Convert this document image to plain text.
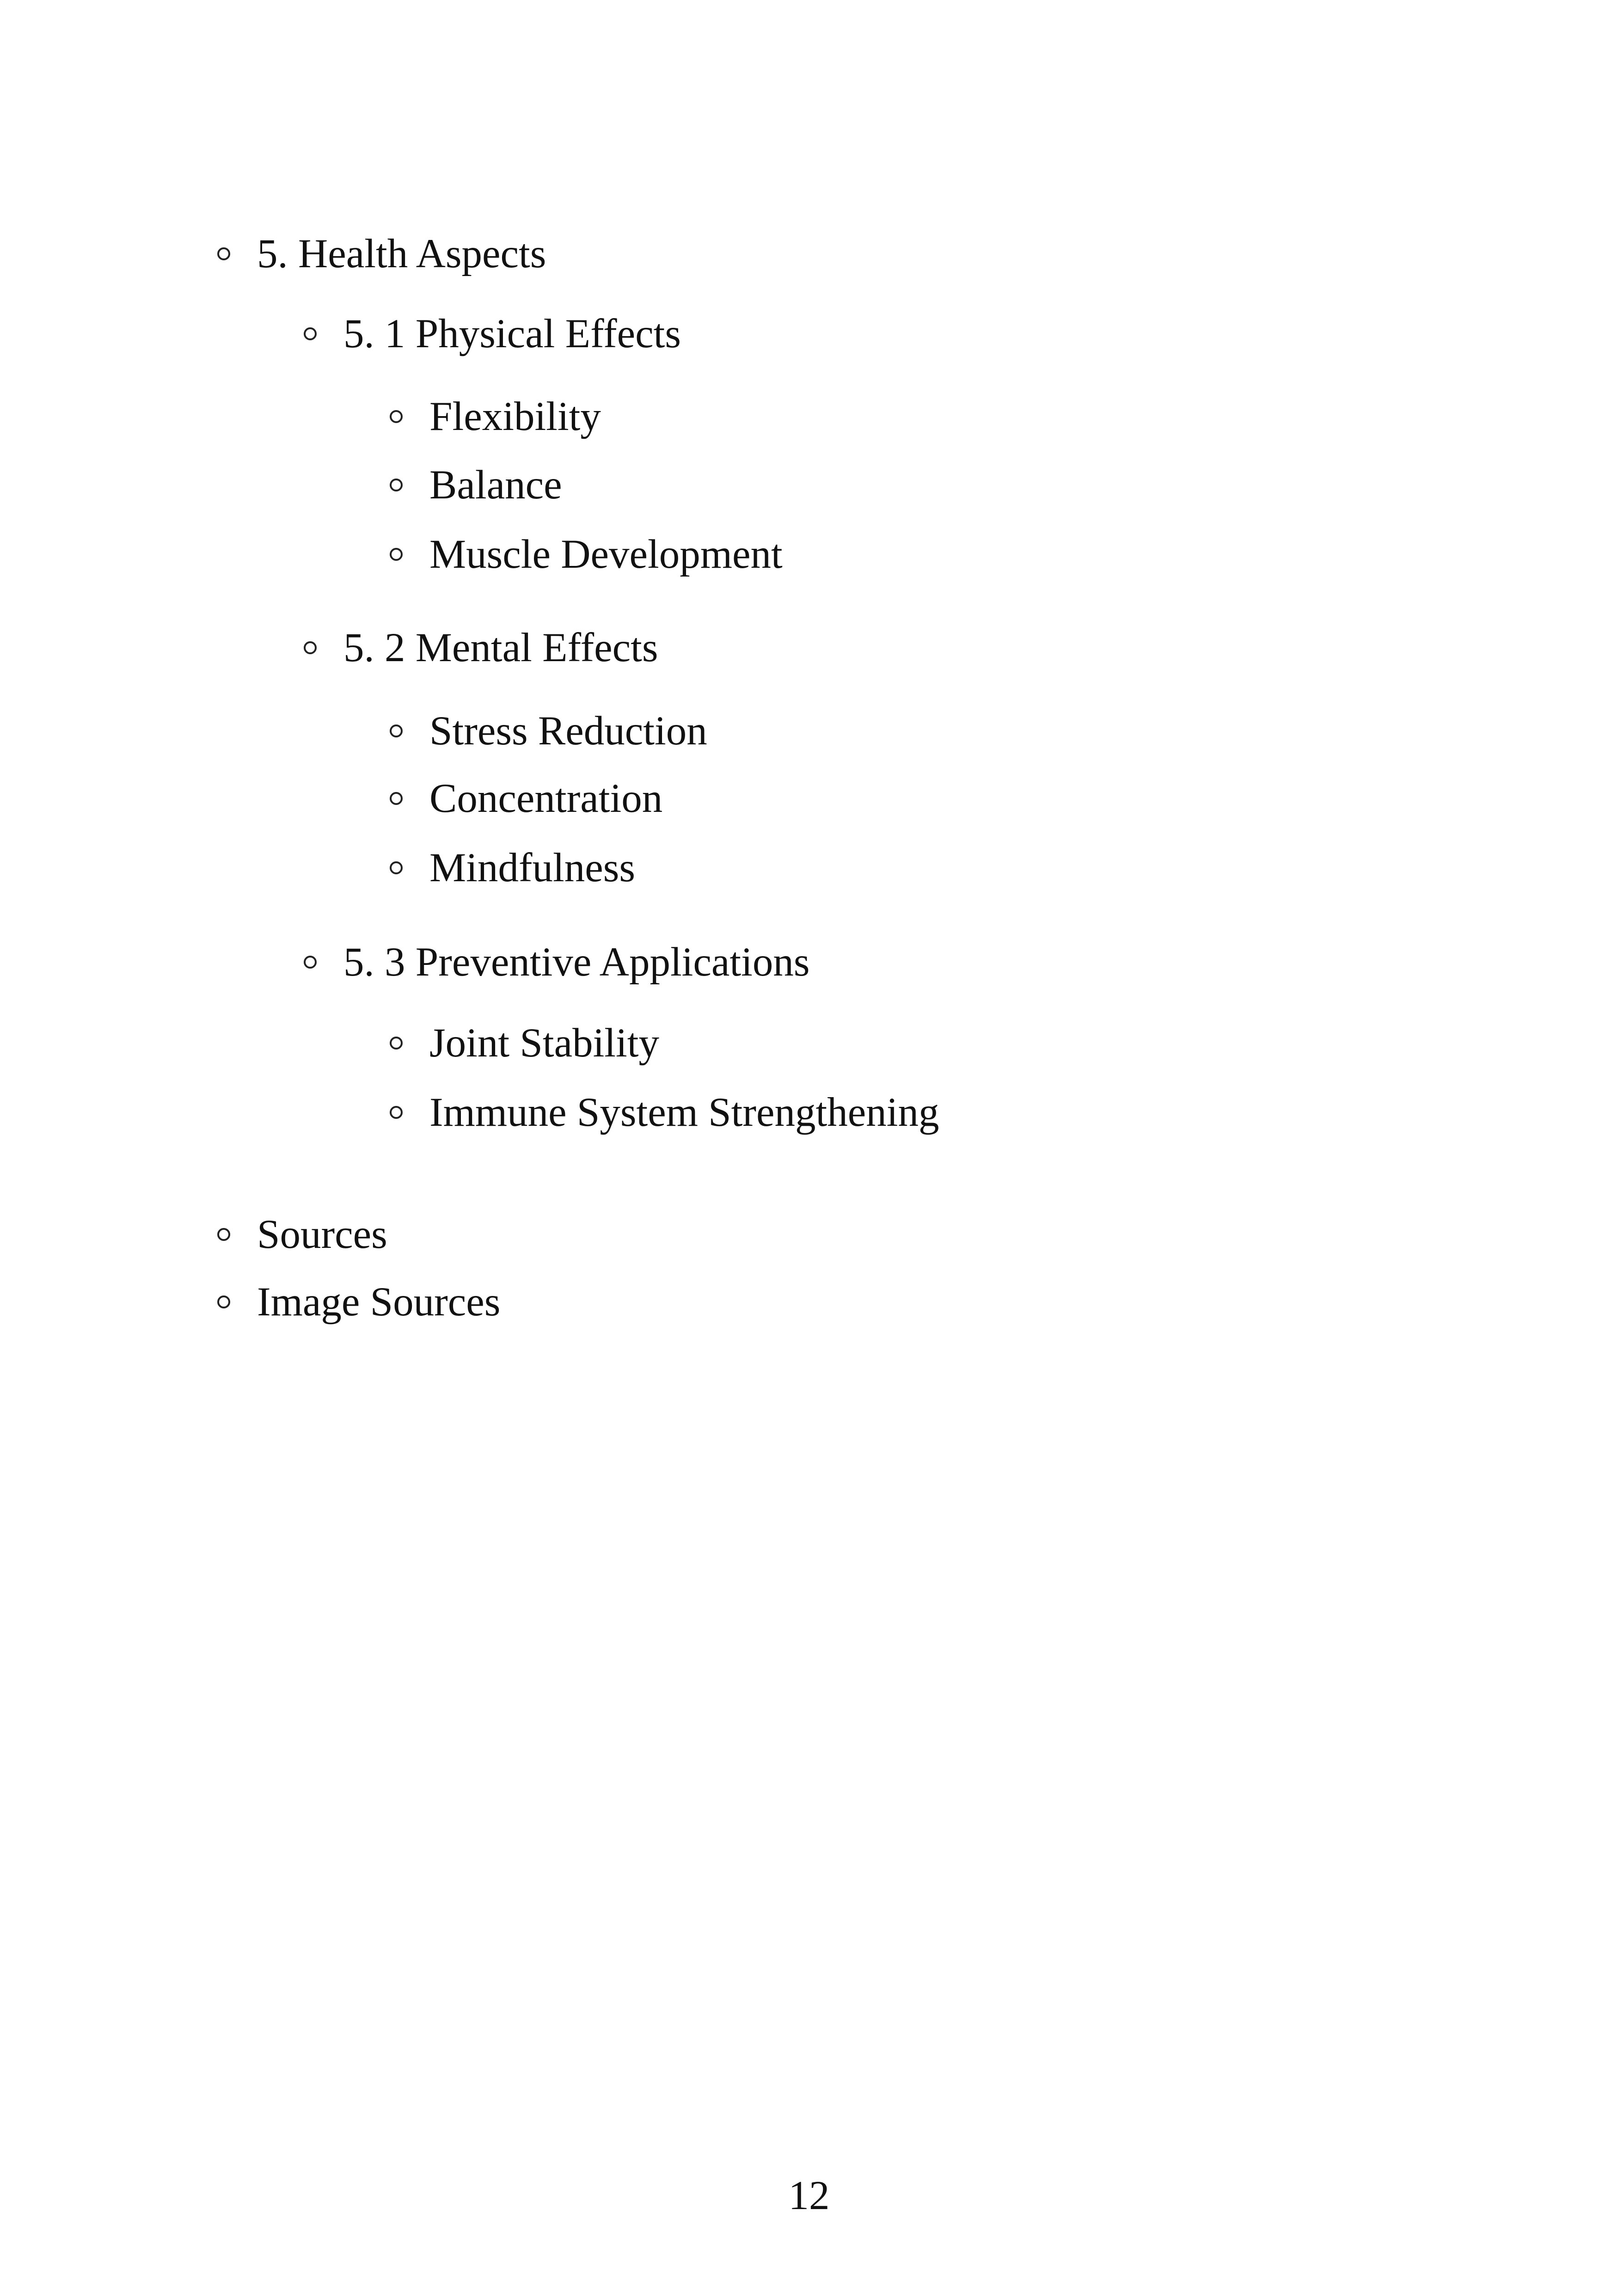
5. Health Aspects
5. 1 Physical Effects
Flexibility
Balance
Muscle Development
5. 2 Mental Effects
Stress Reduction
Concentration
Mindfulness
5. 3 Preventive Applications
Joint Stability
Immune System Strengthening
Sources
Image Sources
12
